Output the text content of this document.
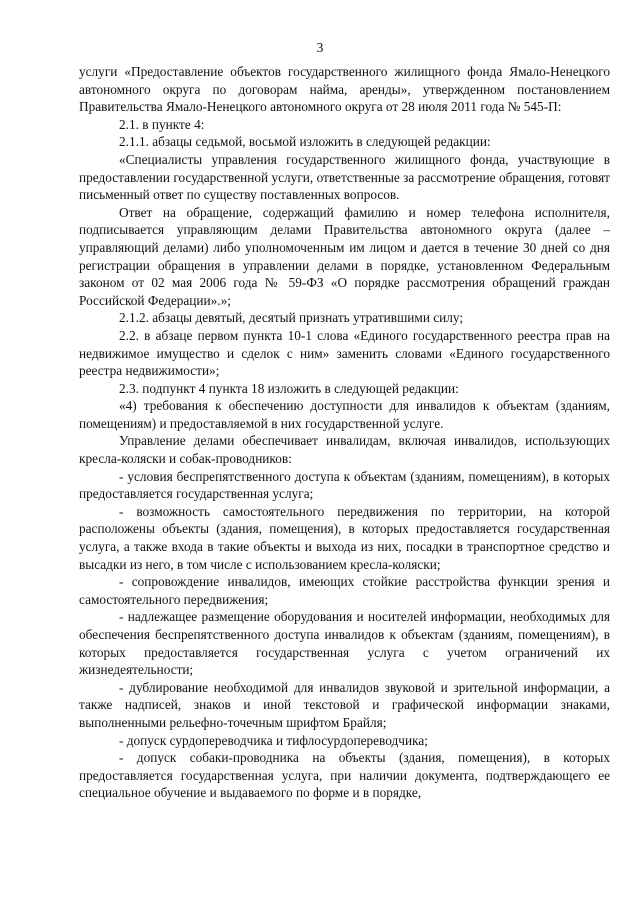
3

услуги «Предоставление объектов государственного жилищного фонда Ямало-Ненецкого автономного округа по договорам найма, аренды», утвержденном постановлением Правительства Ямало-Ненецкого автономного округа от 28 июля 2011 года № 545-П:

2.1. в пункте 4:

2.1.1. абзацы седьмой, восьмой изложить в следующей редакции:

«Специалисты управления государственного жилищного фонда, участвующие в предоставлении государственной услуги, ответственные за рассмотрение обращения, готовят письменный ответ по существу поставленных вопросов.

Ответ на обращение, содержащий фамилию и номер телефона исполнителя, подписывается управляющим делами Правительства автономного округа (далее – управляющий делами) либо уполномоченным им лицом и дается в течение 30 дней со дня регистрации обращения в управлении делами в порядке, установленном Федеральным законом от 02 мая 2006 года № 59-ФЗ «О порядке рассмотрения обращений граждан Российской Федерации».»;

2.1.2. абзацы девятый, десятый признать утратившими силу;

2.2. в абзаце первом пункта 10-1 слова «Единого государственного реестра прав на недвижимое имущество и сделок с ним» заменить словами «Единого государственного реестра недвижимости»;

2.3. подпункт 4 пункта 18 изложить в следующей редакции:

«4) требования к обеспечению доступности для инвалидов к объектам (зданиям, помещениям) и предоставляемой в них государственной услуге.

Управление делами обеспечивает инвалидам, включая инвалидов, использующих кресла-коляски и собак-проводников:

- условия беспрепятственного доступа к объектам (зданиям, помещениям), в которых предоставляется государственная услуга;

- возможность самостоятельного передвижения по территории, на которой расположены объекты (здания, помещения), в которых предоставляется государственная услуга, а также входа в такие объекты и выхода из них, посадки в транспортное средство и высадки из него, в том числе с использованием кресла-коляски;

- сопровождение инвалидов, имеющих стойкие расстройства функции зрения и самостоятельного передвижения;

- надлежащее размещение оборудования и носителей информации, необходимых для обеспечения беспрепятственного доступа инвалидов к объектам (зданиям, помещениям), в которых предоставляется государственная услуга с учетом ограничений их жизнедеятельности;

- дублирование необходимой для инвалидов звуковой и зрительной информации, а также надписей, знаков и иной текстовой и графической информации знаками, выполненными рельефно-точечным шрифтом Брайля;

- допуск сурдопереводчика и тифлосурдопереводчика;

- допуск собаки-проводника на объекты (здания, помещения), в которых предоставляется государственная услуга, при наличии документа, подтверждающего ее специальное обучение и выдаваемого по форме и в порядке,
